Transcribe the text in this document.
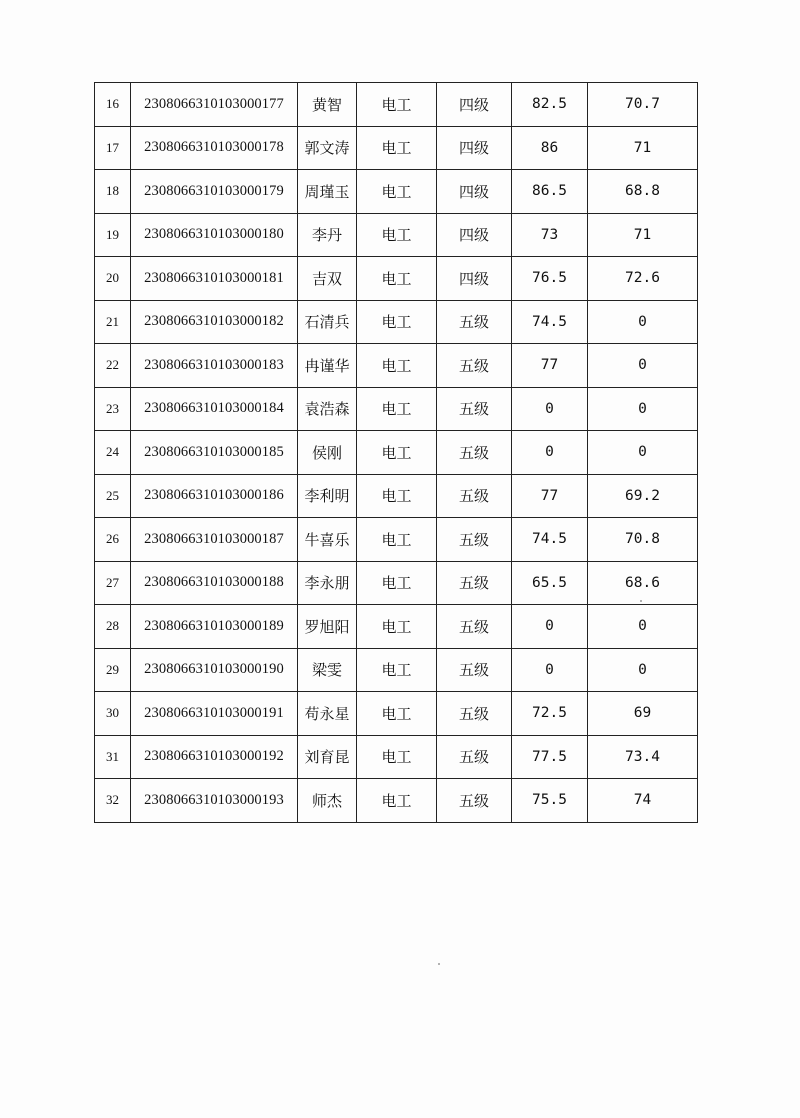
16	2308066310103000177	黄智	电工	四级	82.5	70.7
17	2308066310103000178	郭文涛	电工	四级	86	71
18	2308066310103000179	周瑾玉	电工	四级	86.5	68.8
19	2308066310103000180	李丹	电工	四级	73	71
20	2308066310103000181	吉双	电工	四级	76.5	72.6
21	2308066310103000182	石清兵	电工	五级	74.5	0
22	2308066310103000183	冉谨华	电工	五级	77	0
23	2308066310103000184	袁浩森	电工	五级	0	0
24	2308066310103000185	侯刚	电工	五级	0	0
25	2308066310103000186	李利明	电工	五级	77	69.2
26	2308066310103000187	牛喜乐	电工	五级	74.5	70.8
27	2308066310103000188	李永朋	电工	五级	65.5	68.6
28	2308066310103000189	罗旭阳	电工	五级	0	0
29	2308066310103000190	梁雯	电工	五级	0	0
30	2308066310103000191	苟永星	电工	五级	72.5	69
31	2308066310103000192	刘育昆	电工	五级	77.5	73.4
32	2308066310103000193	师杰	电工	五级	75.5	74
